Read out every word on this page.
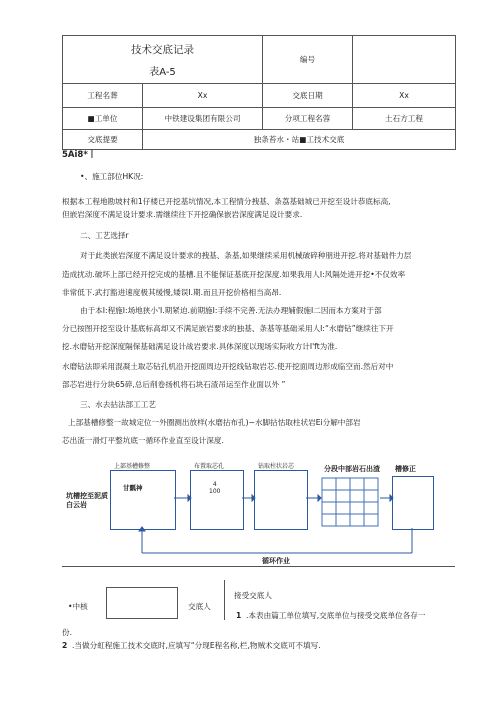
技术交底记录
表A-5		编号	
工程名葬	Xx	交底日期	Xx
■工单位	中铁建设集团有限公司	分项工程名蓉	土石方工程
交底提要	独条苔水・站■工技术交底		
5Ai8*丨
•、施工部位HK况:
根据本工程地勘坡村和1仔楼已开挖基坑情况,本工程情分拽基、条荔基础城已开挖至设计恭底标高,
但嵌岩深度不满足设计要求.需继续往下开挖确保嵌岩深度满足设计要求.
二、工艺选择r
对于此类嵌岩深度不满足设计要求的拽基、条基,如果继续采用机械破碎种朋进开挖.将对基础件力层
造成扰动.破坏上部已经开挖完成的基槽.且不能保证基底开挖深度.如果我用人I:风隔处进开挖•不仅效率
非常低下.武打豁进速度极其缓慢,矮误I.期.而且开挖价格相当高昂.
由于本I:程施I:场地狭小'I.期紧迫.前期施I:手续不完善.无法办理辅假施I二因而本方案对于部
分已按图开挖至设计基底标高却又不满足嵌岩要求的独基、条基等基础采用人I:“水磨钻”继续往下开
挖.水磨钻开挖深度隔保基础满足设计战岩要求.具体深度以现场实际收方计I'ft为准.
水磨钻法即采用混凝土取芯钻孔机沿开挖面周边开挖线钻取岩芯.使开挖面周边形成临空而.然后对中
部芯岩进行分块65碎,总后削卷扬机将石块石渣吊运至作业面以外 ”
三、水去拈法部工工艺
上部基槽修整一故城定位一外圈测出放样(水磨拈布孔)~水脚拈怙取柱状岩Ei分解中部岩
芯出渣一滑灯平整坑底一循环作业直至设计深度.
上部基槽修整	布置取芯孔	钻取柱状岩芯	分段中部岩石出渣 槽修正
坑槽挖至泥质白云岩
甘瓢神	4
100
循环作业
•中核	交底人
接受交底人
1 .本表由篇工单位填写,交底单位与接受交底单位各存一
份.
2 .当做分虹程施工技术交底时,应填写“分现E程名称,栏,物贼术交底可不填写.
